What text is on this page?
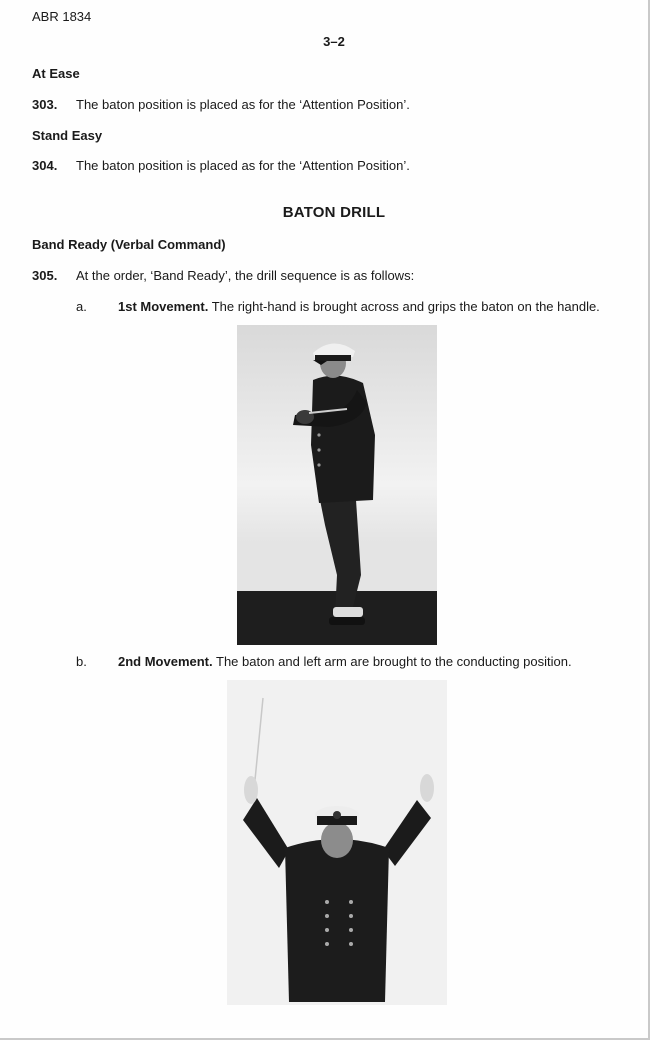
ABR 1834
3–2
At Ease
303. The baton position is placed as for the ‘Attention Position’.
Stand Easy
304. The baton position is placed as for the ‘Attention Position’.
BATON DRILL
Band Ready (Verbal Command)
305. At the order, ‘Band Ready’, the drill sequence is as follows:
a. 1st Movement. The right-hand is brought across and grips the baton on the handle.
b. 2nd Movement. The baton and left arm are brought to the conducting position.
